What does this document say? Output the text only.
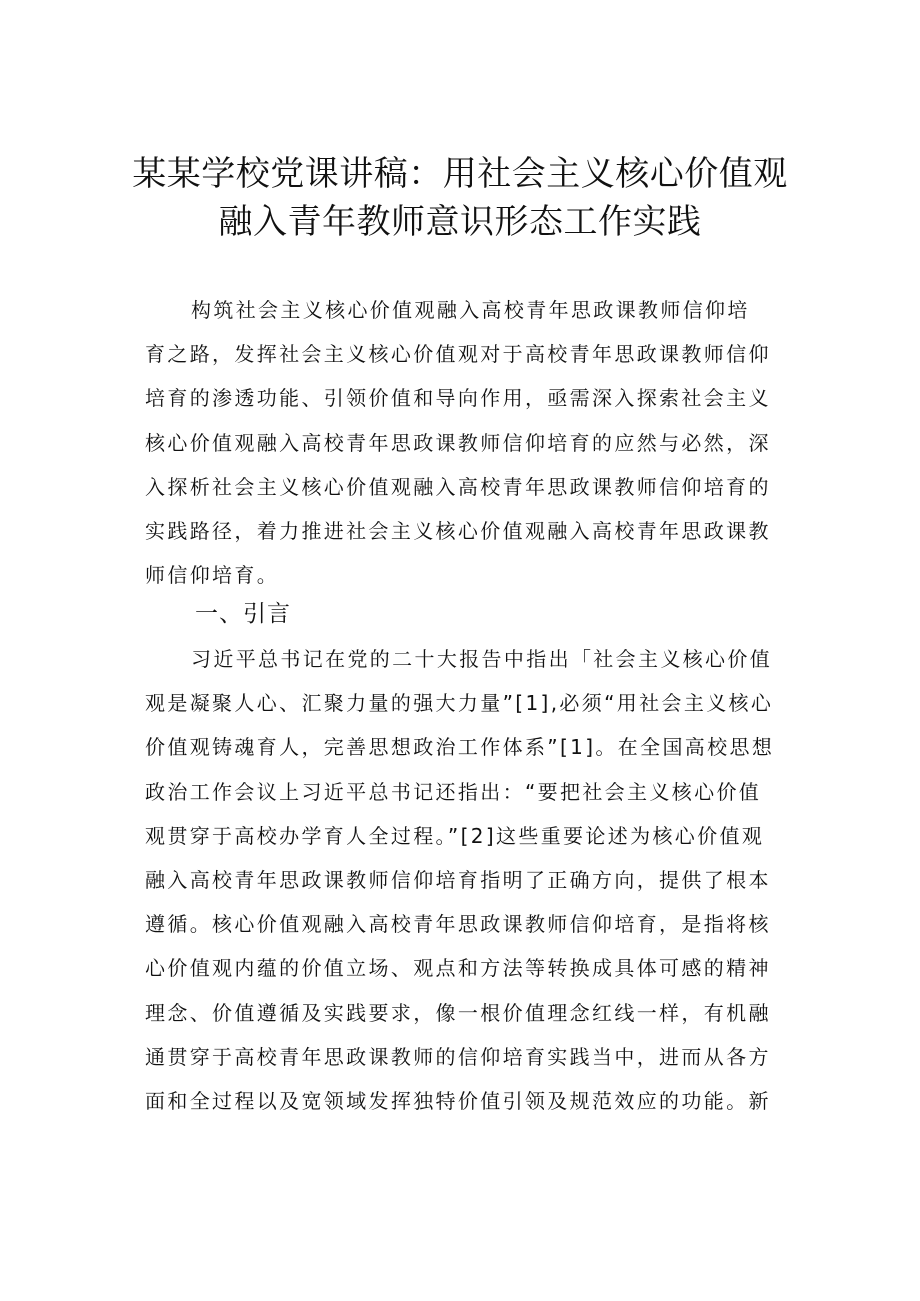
某某学校党课讲稿：用社会主义核心价值观
融入青年教师意识形态工作实践
构筑社会主义核心价值观融入高校青年思政课教师信仰培
育之路，发挥社会主义核心价值观对于高校青年思政课教师信仰
培育的渗透功能、引领价值和导向作用，亟需深入探索社会主义
核心价值观融入高校青年思政课教师信仰培育的应然与必然，深
入探析社会主义核心价值观融入高校青年思政课教师信仰培育的
实践路径，着力推进社会主义核心价值观融入高校青年思政课教
师信仰培育。
一、引言
习近平总书记在党的二十大报告中指出「社会主义核心价值
观是凝聚人心、汇聚力量的强大力量”[1],必须“用社会主义核心
价值观铸魂育人，完善思想政治工作体系”[1]。在全国高校思想
政治工作会议上习近平总书记还指出：“要把社会主义核心价值
观贯穿于高校办学育人全过程。”[2]这些重要论述为核心价值观
融入高校青年思政课教师信仰培育指明了正确方向，提供了根本
遵循。核心价值观融入高校青年思政课教师信仰培育，是指将核
心价值观内蕴的价值立场、观点和方法等转换成具体可感的精神
理念、价值遵循及实践要求，像一根价值理念红线一样，有机融
通贯穿于高校青年思政课教师的信仰培育实践当中，进而从各方
面和全过程以及宽领域发挥独特价值引领及规范效应的功能。新
